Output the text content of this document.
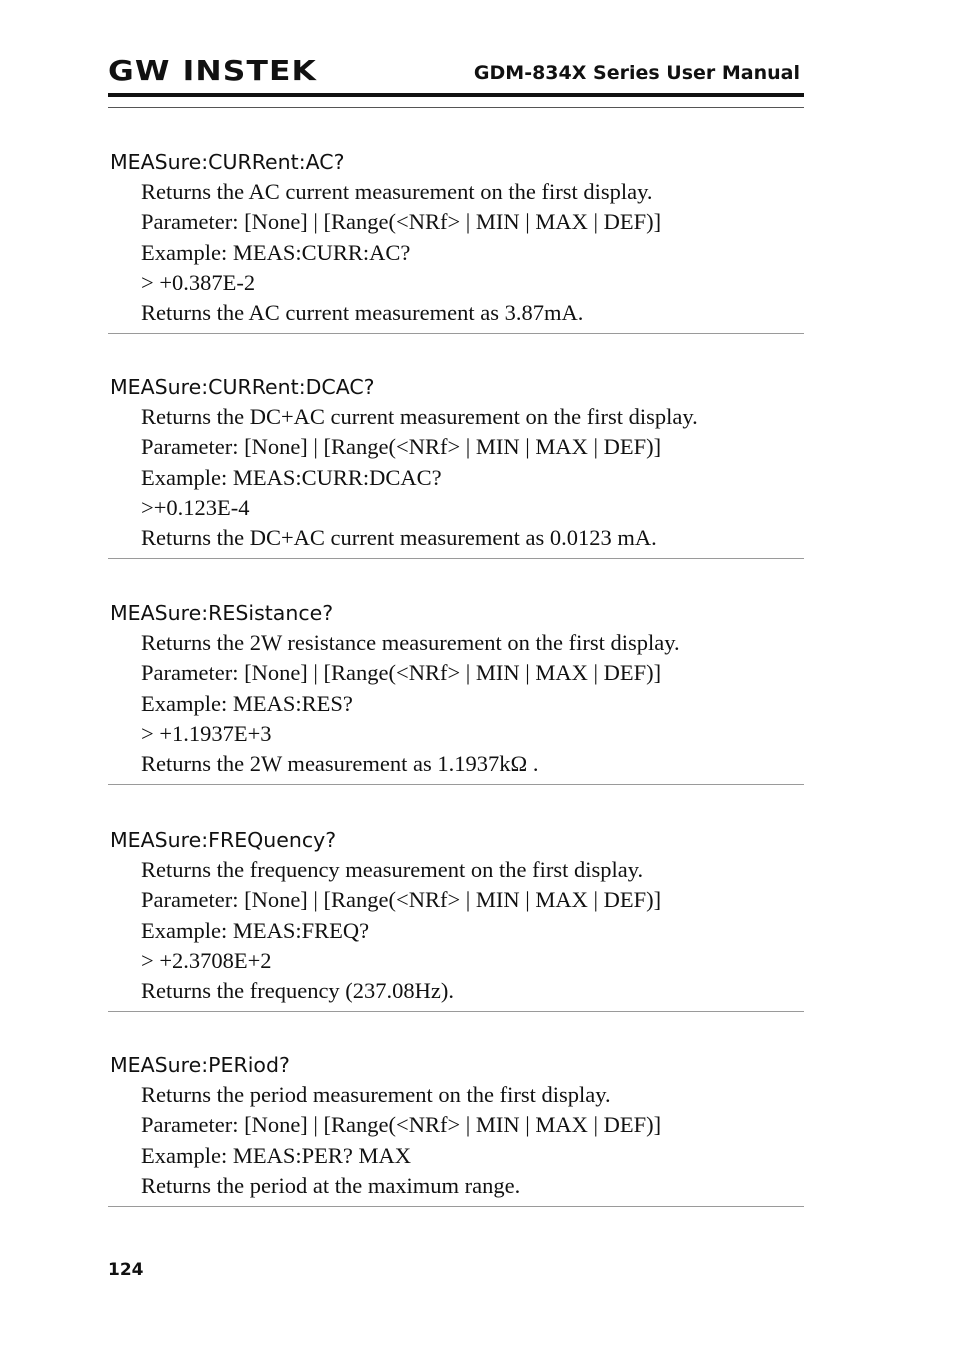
GW INSTEK	GDM-834X Series User Manual
MEASure:CURRent:AC?
Returns the AC current measurement on the first display.
Parameter: [None] | [Range(<NRf> | MIN | MAX | DEF)]
Example: MEAS:CURR:AC?
> +0.387E-2
Returns the AC current measurement as 3.87mA.
MEASure:CURRent:DCAC?
Returns the DC+AC current measurement on the first display.
Parameter: [None] | [Range(<NRf> | MIN | MAX | DEF)]
Example: MEAS:CURR:DCAC?
>+0.123E-4
Returns the DC+AC current measurement as 0.0123 mA.
MEASure:RESistance?
Returns the 2W resistance measurement on the first display.
Parameter: [None] | [Range(<NRf> | MIN | MAX | DEF)]
Example: MEAS:RES?
> +1.1937E+3
Returns the 2W measurement as 1.1937kΩ .
MEASure:FREQuency?
Returns the frequency measurement on the first display.
Parameter: [None] | [Range(<NRf> | MIN | MAX | DEF)]
Example: MEAS:FREQ?
> +2.3708E+2
Returns the frequency (237.08Hz).
MEASure:PERiod?
Returns the period measurement on the first display.
Parameter: [None] | [Range(<NRf> | MIN | MAX | DEF)]
Example: MEAS:PER? MAX
Returns the period at the maximum range.
124
